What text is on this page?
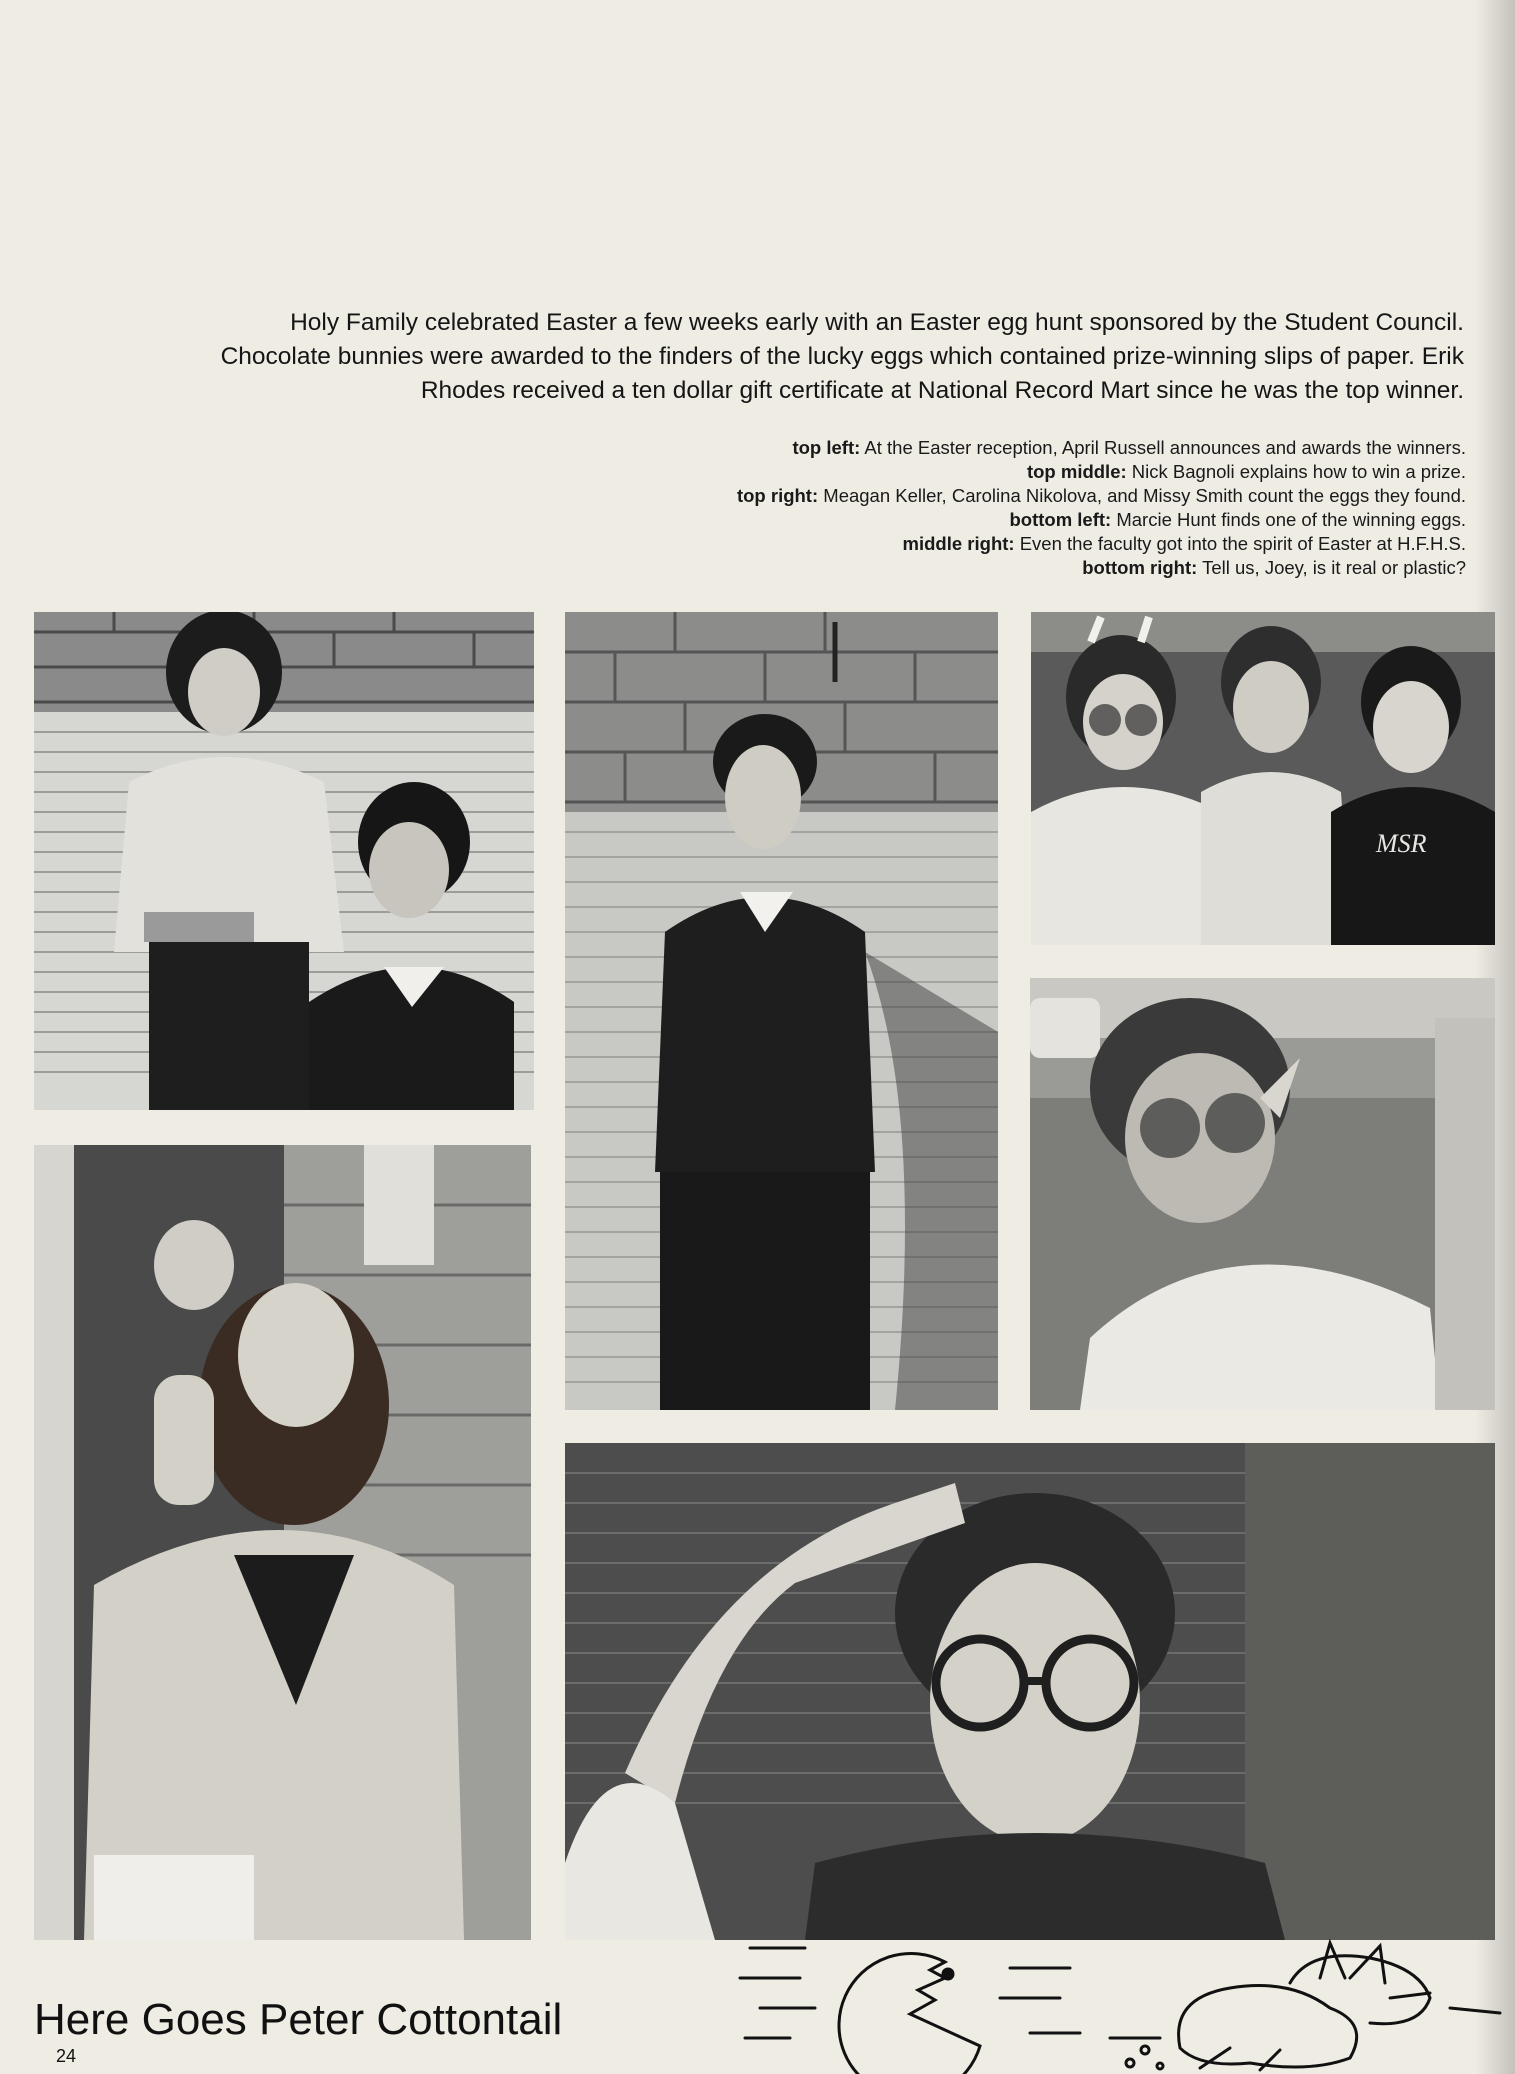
Holy Family celebrated Easter a few weeks early with an Easter egg hunt sponsored by the Student Council.
Chocolate bunnies were awarded to the finders of the lucky eggs which contained prize-winning slips of paper. Erik
Rhodes received a ten dollar gift certificate at National Record Mart since he was the top winner.
top left: At the Easter reception, April Russell announces and awards the winners.
top middle: Nick Bagnoli explains how to win a prize.
top right: Meagan Keller, Carolina Nikolova, and Missy Smith count the eggs they found.
bottom left: Marcie Hunt finds one of the winning eggs.
middle right: Even the faculty got into the spirit of Easter at H.F.H.S.
bottom right: Tell us, Joey, is it real or plastic?
MSR
Here Goes Peter Cottontail
24
